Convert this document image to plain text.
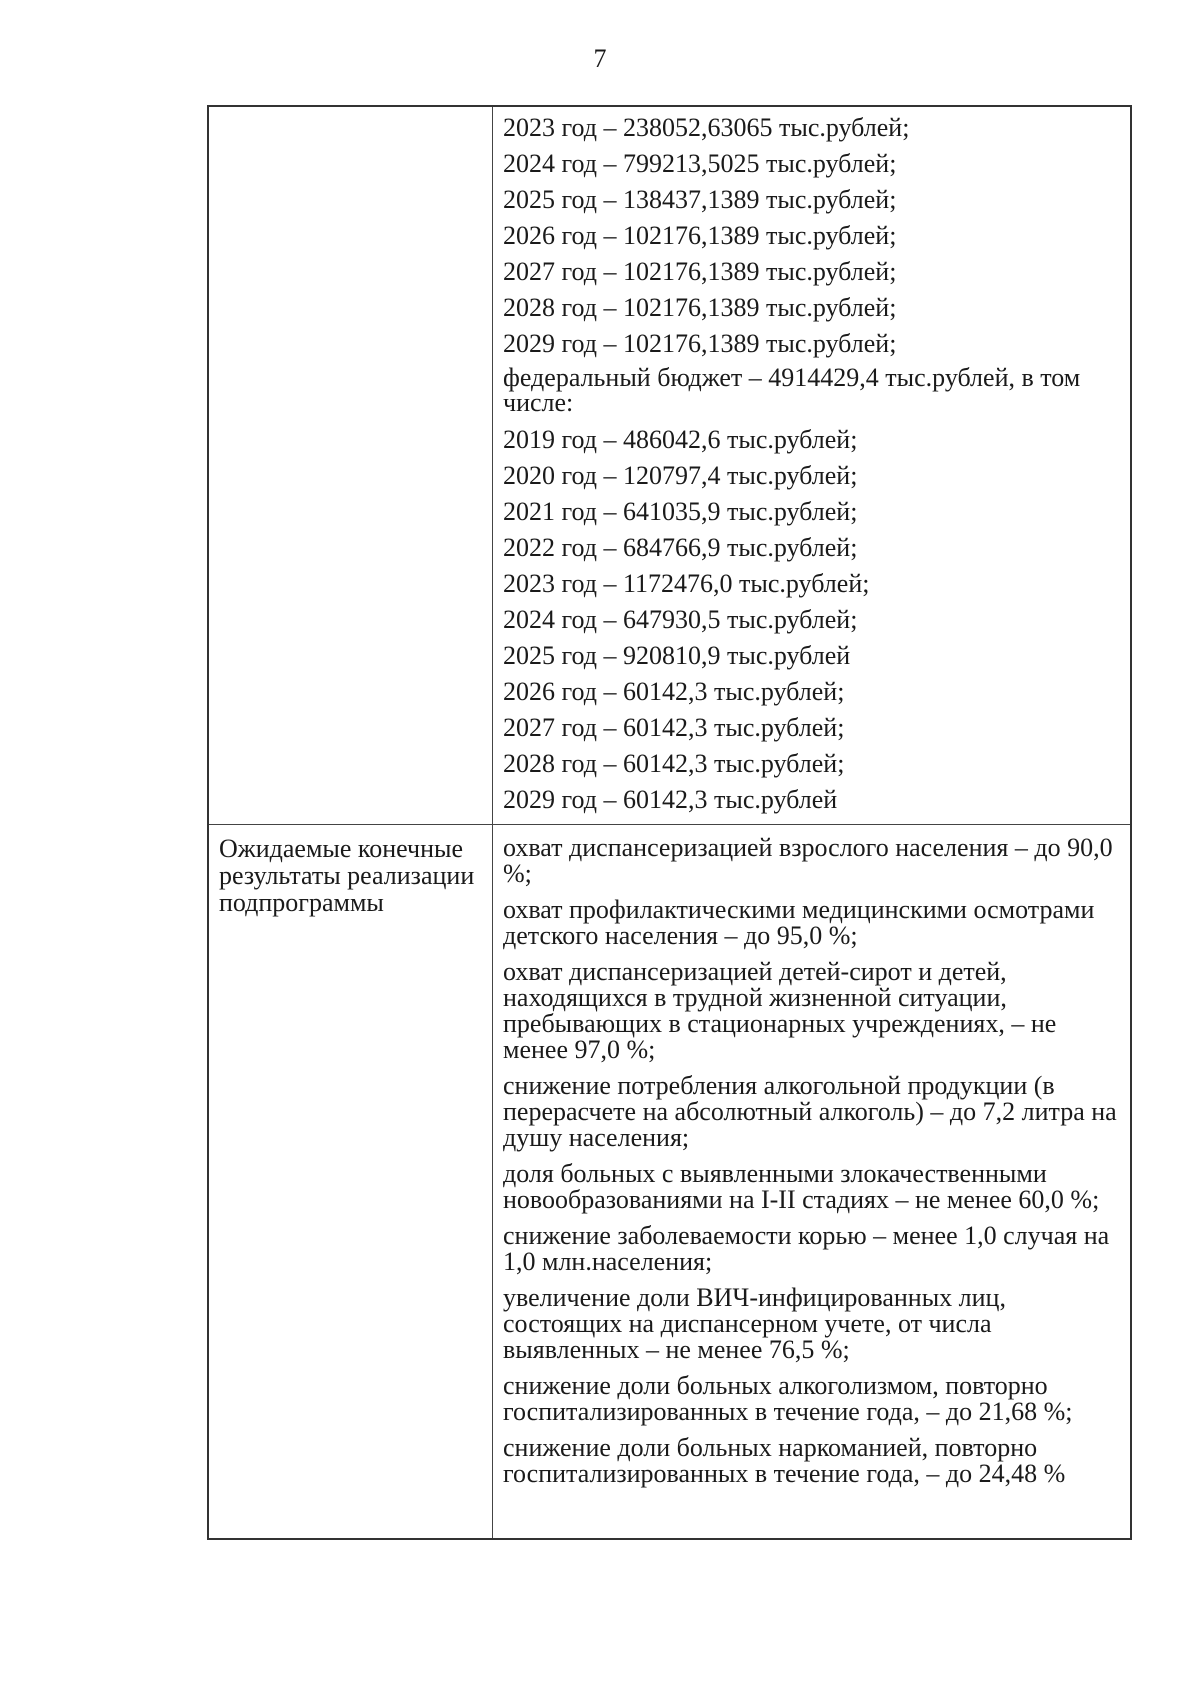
7
2023 год – 238052,63065 тыс.рублей;
2024 год – 799213,5025 тыс.рублей;
2025 год – 138437,1389 тыс.рублей;
2026 год – 102176,1389 тыс.рублей;
2027 год – 102176,1389 тыс.рублей;
2028 год – 102176,1389 тыс.рублей;
2029 год – 102176,1389 тыс.рублей;
федеральный бюджет – 4914429,4 тыс.рублей, в том числе:
2019 год – 486042,6 тыс.рублей;
2020 год – 120797,4 тыс.рублей;
2021 год – 641035,9 тыс.рублей;
2022 год – 684766,9 тыс.рублей;
2023 год – 1172476,0 тыс.рублей;
2024 год – 647930,5 тыс.рублей;
2025 год – 920810,9 тыс.рублей
2026 год – 60142,3 тыс.рублей;
2027 год – 60142,3 тыс.рублей;
2028 год – 60142,3 тыс.рублей;
2029 год – 60142,3 тыс.рублей
Ожидаемые конечные результаты реализации подпрограммы
охват диспансеризацией взрослого населения – до 90,0 %;
охват профилактическими медицинскими осмотрами детского населения – до 95,0 %;
охват диспансеризацией детей-сирот и детей, находящихся в трудной жизненной ситуации, пребывающих в стационарных учреждениях, – не менее 97,0 %;
снижение потребления алкогольной продукции (в перерасчете на абсолютный алкоголь) – до 7,2 литра на душу населения;
доля больных с выявленными злокачественными новообразованиями на I-II стадиях – не менее 60,0 %;
снижение заболеваемости корью – менее 1,0 случая на 1,0 млн.населения;
увеличение доли ВИЧ-инфицированных лиц, состоящих на диспансерном учете, от числа выявленных – не менее 76,5 %;
снижение доли больных алкоголизмом, повторно госпитализированных в течение года, – до 21,68 %;
снижение доли больных наркоманией, повторно госпитализированных в течение года, – до 24,48 %
